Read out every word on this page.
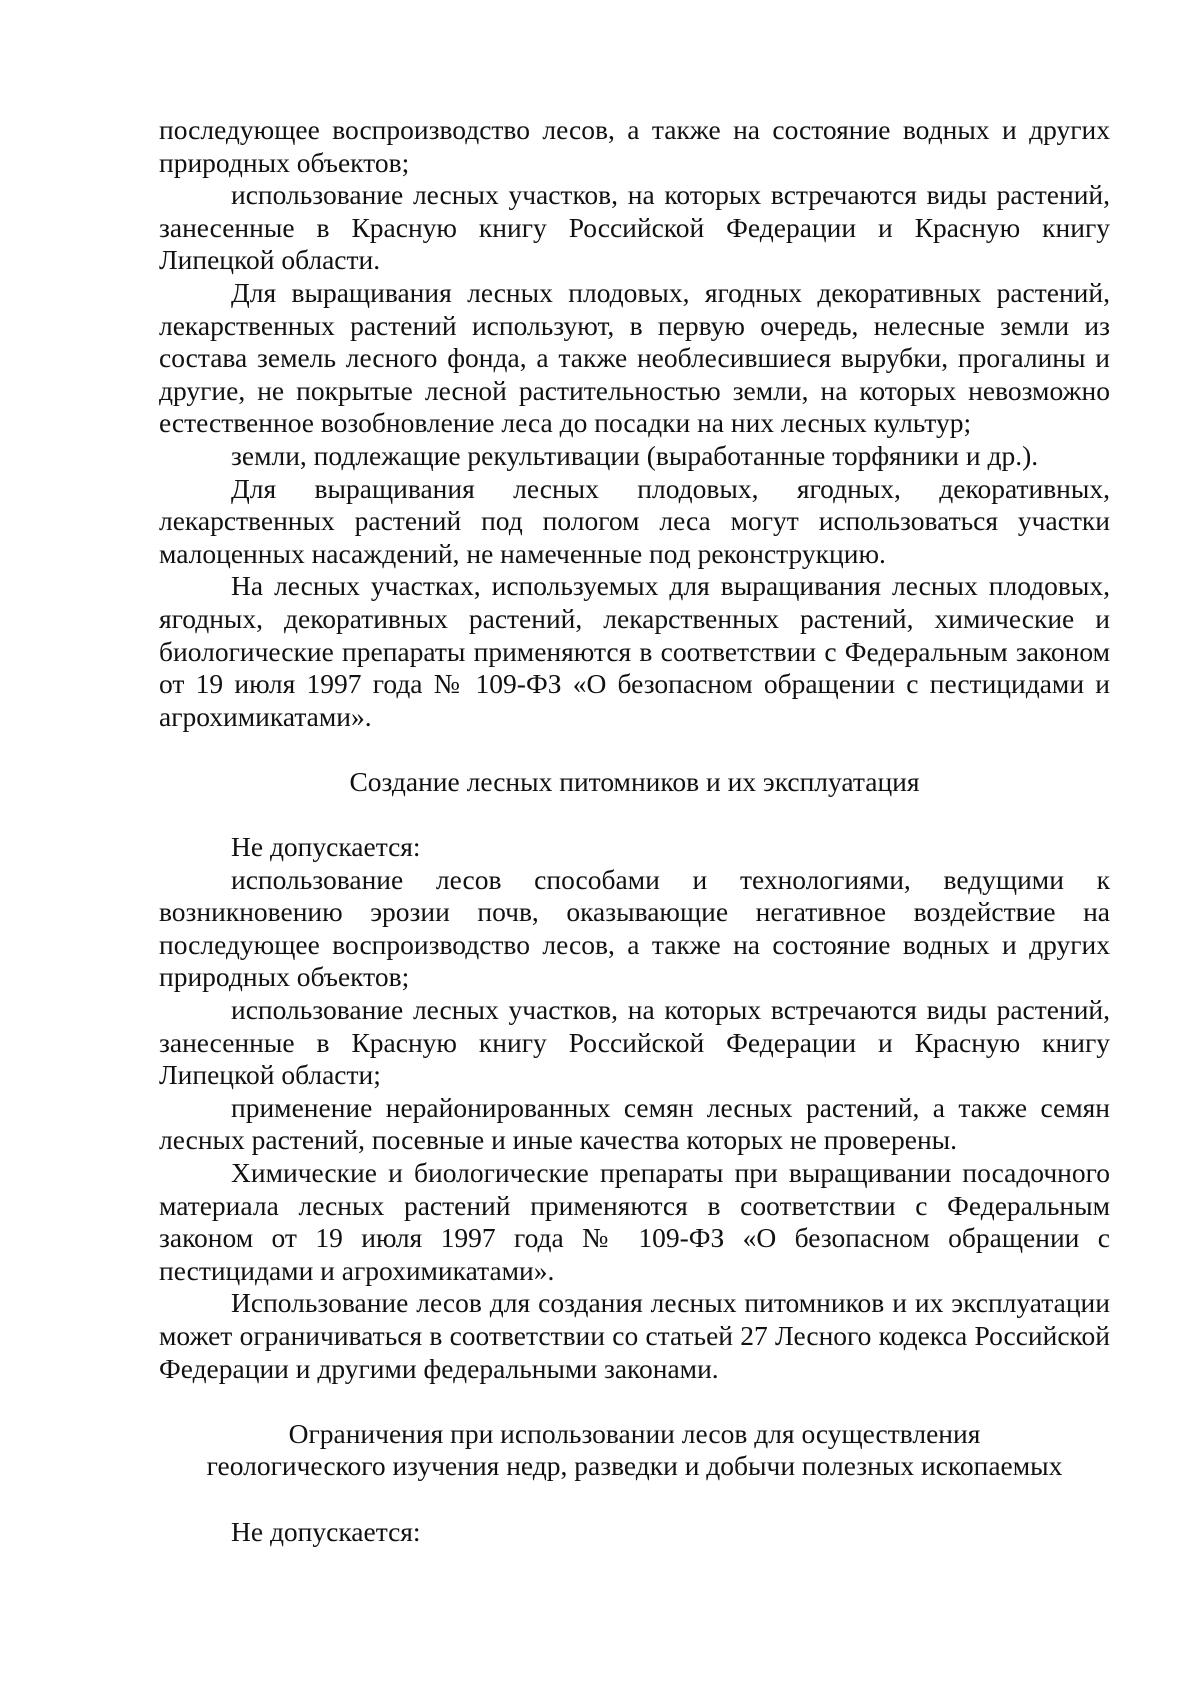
последующее воспроизводство лесов, а также на состояние водных и других природных объектов;

использование лесных участков, на которых встречаются виды растений, занесенные в Красную книгу Российской Федерации и Красную книгу Липецкой области.

Для выращивания лесных плодовых, ягодных декоративных растений, лекарственных растений используют, в первую очередь, нелесные земли из состава земель лесного фонда, а также необлесившиеся вырубки, прогалины и другие, не покрытые лесной растительностью земли, на которых невозможно естественное возобновление леса до посадки на них лесных культур;

земли, подлежащие рекультивации (выработанные торфяники и др.).

Для выращивания лесных плодовых, ягодных, декоративных, лекарственных растений под пологом леса могут использоваться участки малоценных насаждений, не намеченные под реконструкцию.

На лесных участках, используемых для выращивания лесных плодовых, ягодных, декоративных растений, лекарственных растений, химические и биологические препараты применяются в соответствии с Федеральным законом от 19 июля 1997 года № 109-ФЗ «О безопасном обращении с пестицидами и агрохимикатами».

Создание лесных питомников и их эксплуатация

Не допускается:

использование лесов способами и технологиями, ведущими к возникновению эрозии почв, оказывающие негативное воздействие на последующее воспроизводство лесов, а также на состояние водных и других природных объектов;

использование лесных участков, на которых встречаются виды растений, занесенные в Красную книгу Российской Федерации и Красную книгу Липецкой области;

применение нерайонированных семян лесных растений, а также семян лесных растений, посевные и иные качества которых не проверены.

Химические и биологические препараты при выращивании посадочного материала лесных растений применяются в соответствии с Федеральным законом от 19 июля 1997 года № 109-ФЗ «О безопасном обращении с пестицидами и агрохимикатами».

Использование лесов для создания лесных питомников и их эксплуатации может ограничиваться в соответствии со статьей 27 Лесного кодекса Российской Федерации и другими федеральными законами.

Ограничения при использовании лесов для осуществления

геологического изучения недр, разведки и добычи полезных ископаемых

Не допускается:
